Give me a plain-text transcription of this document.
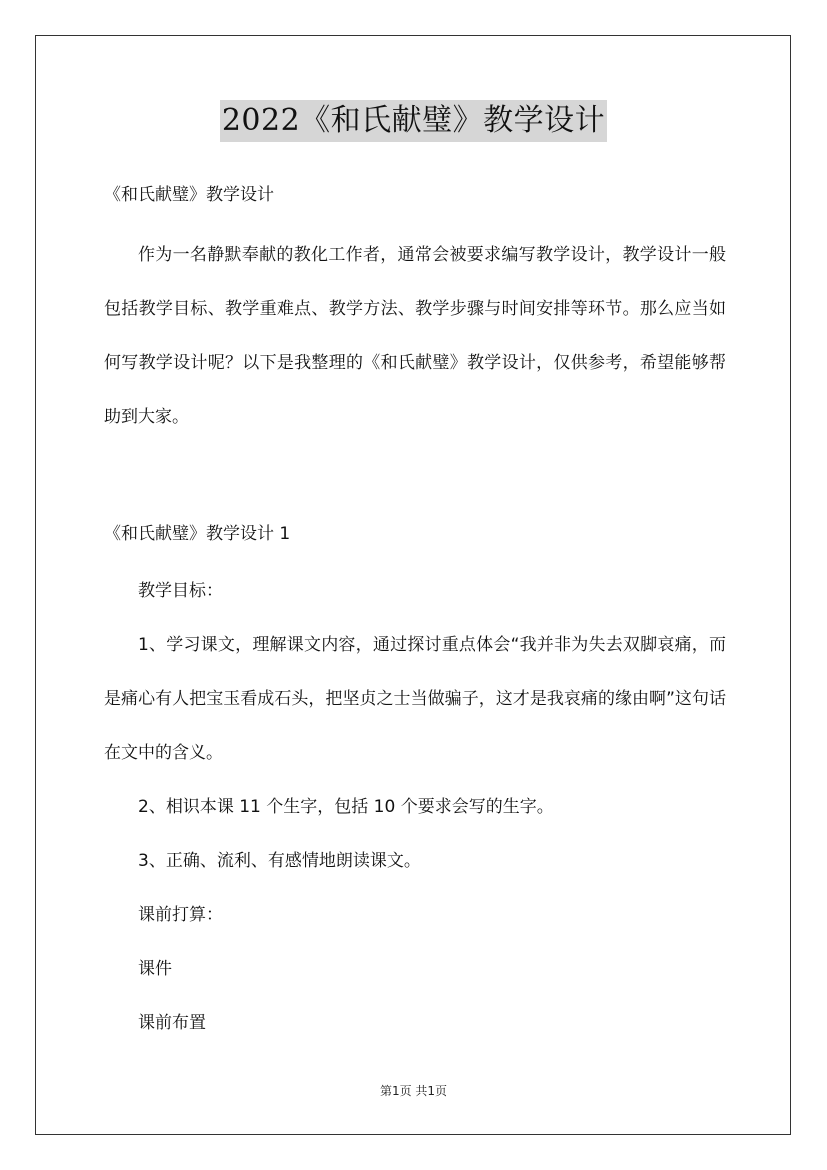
2022《和氏献璧》教学设计

《和氏献璧》教学设计

作为一名静默奉献的教化工作者，通常会被要求编写教学设计，教学设计一般包括教学目标、教学重难点、教学方法、教学步骤与时间安排等环节。那么应当如何写教学设计呢？以下是我整理的《和氏献璧》教学设计，仅供参考，希望能够帮助到大家。

《和氏献璧》教学设计 1

教学目标：

1、学习课文，理解课文内容，通过探讨重点体会“我并非为失去双脚哀痛，而是痛心有人把宝玉看成石头，把坚贞之士当做骗子，这才是我哀痛的缘由啊”这句话在文中的含义。

2、相识本课 11 个生字，包括 10 个要求会写的生字。

3、正确、流利、有感情地朗读课文。

课前打算：

课件

课前布置

第1页 共1页
